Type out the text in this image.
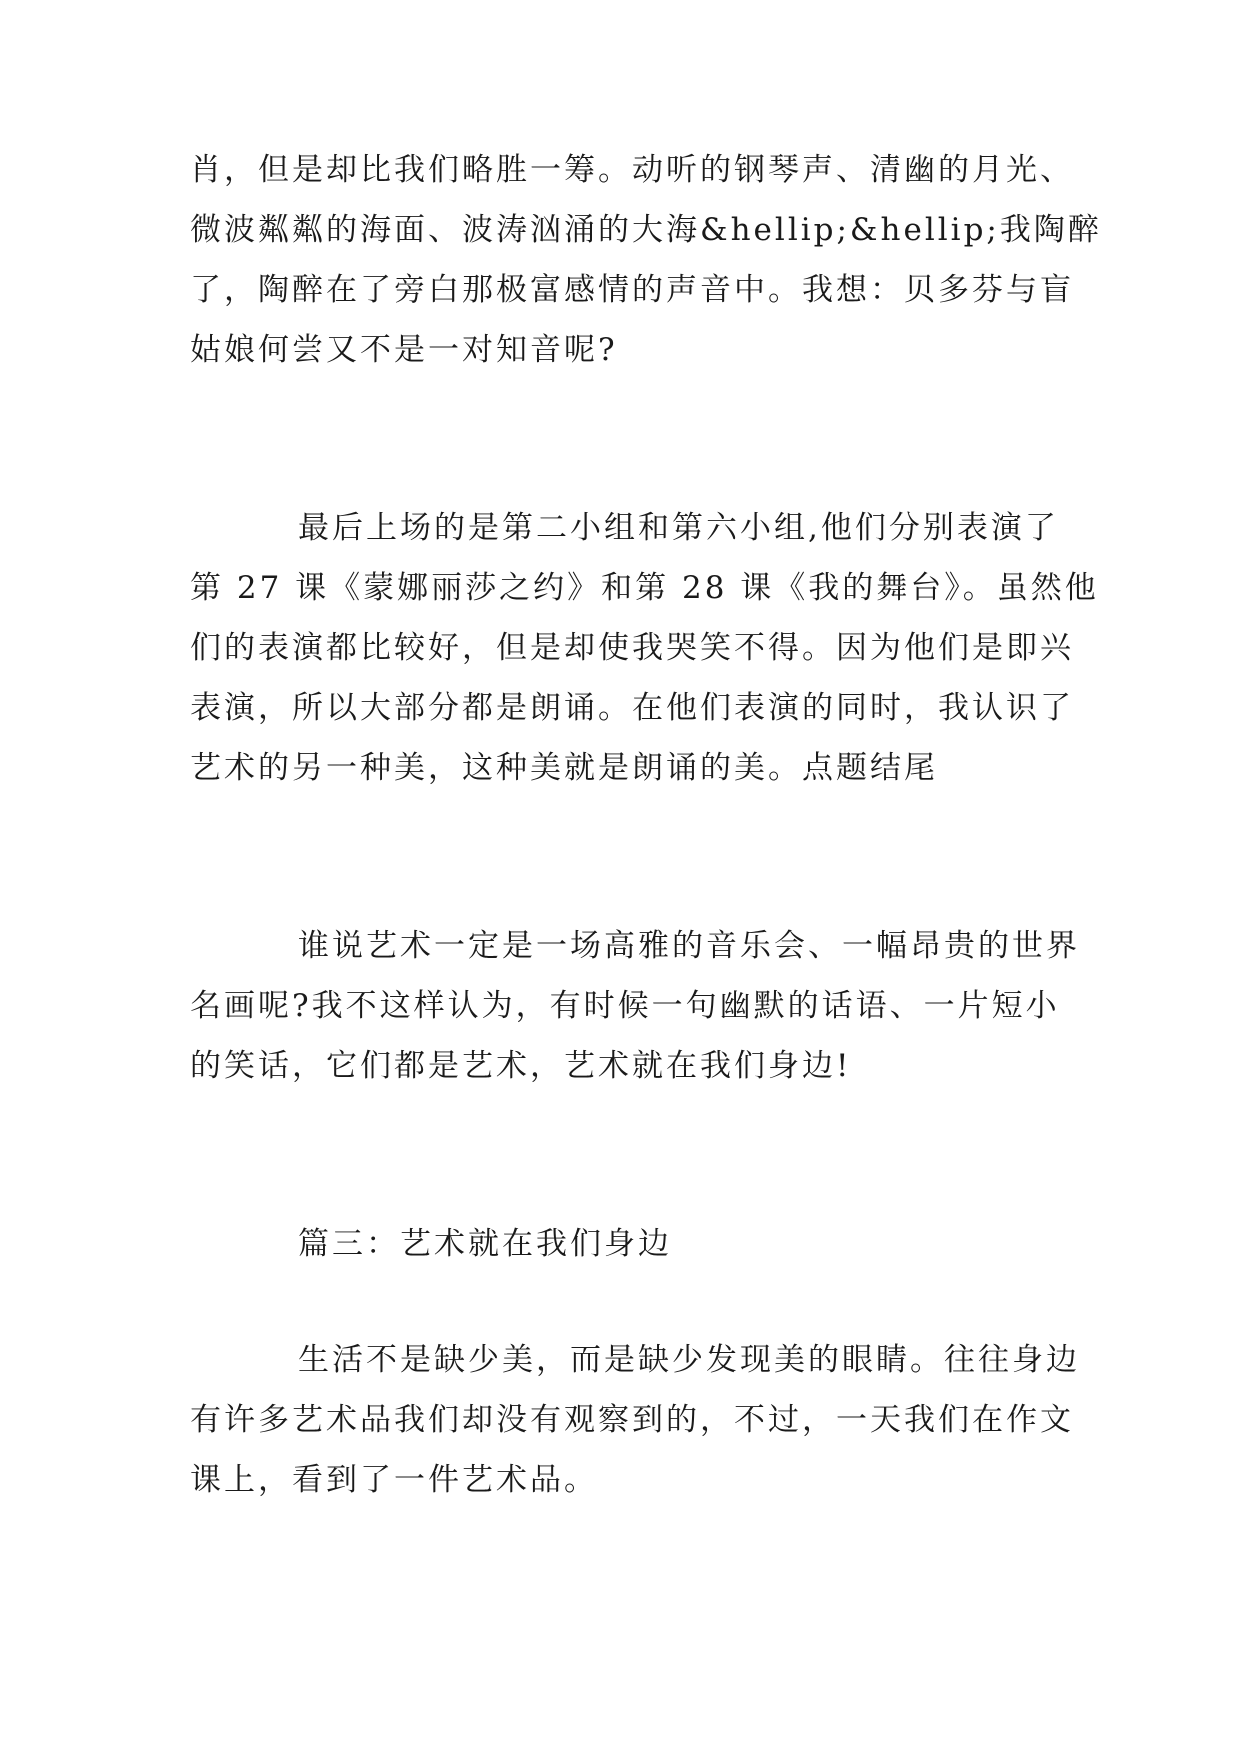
肖，但是却比我们略胜一筹。动听的钢琴声、清幽的月光、
微波粼粼的海面、波涛汹涌的大海&hellip;&hellip;我陶醉
了，陶醉在了旁白那极富感情的声音中。我想：贝多芬与盲
姑娘何尝又不是一对知音呢?
最后上场的是第二小组和第六小组,他们分别表演了
第 27 课《蒙娜丽莎之约》和第 28 课《我的舞台》。虽然他
们的表演都比较好，但是却使我哭笑不得。因为他们是即兴
表演，所以大部分都是朗诵。在他们表演的同时，我认识了
艺术的另一种美，这种美就是朗诵的美。点题结尾
谁说艺术一定是一场高雅的音乐会、一幅昂贵的世界
名画呢?我不这样认为，有时候一句幽默的话语、一片短小
的笑话，它们都是艺术，艺术就在我们身边!
篇三：艺术就在我们身边
生活不是缺少美，而是缺少发现美的眼睛。往往身边
有许多艺术品我们却没有观察到的，不过，一天我们在作文
课上，看到了一件艺术品。
